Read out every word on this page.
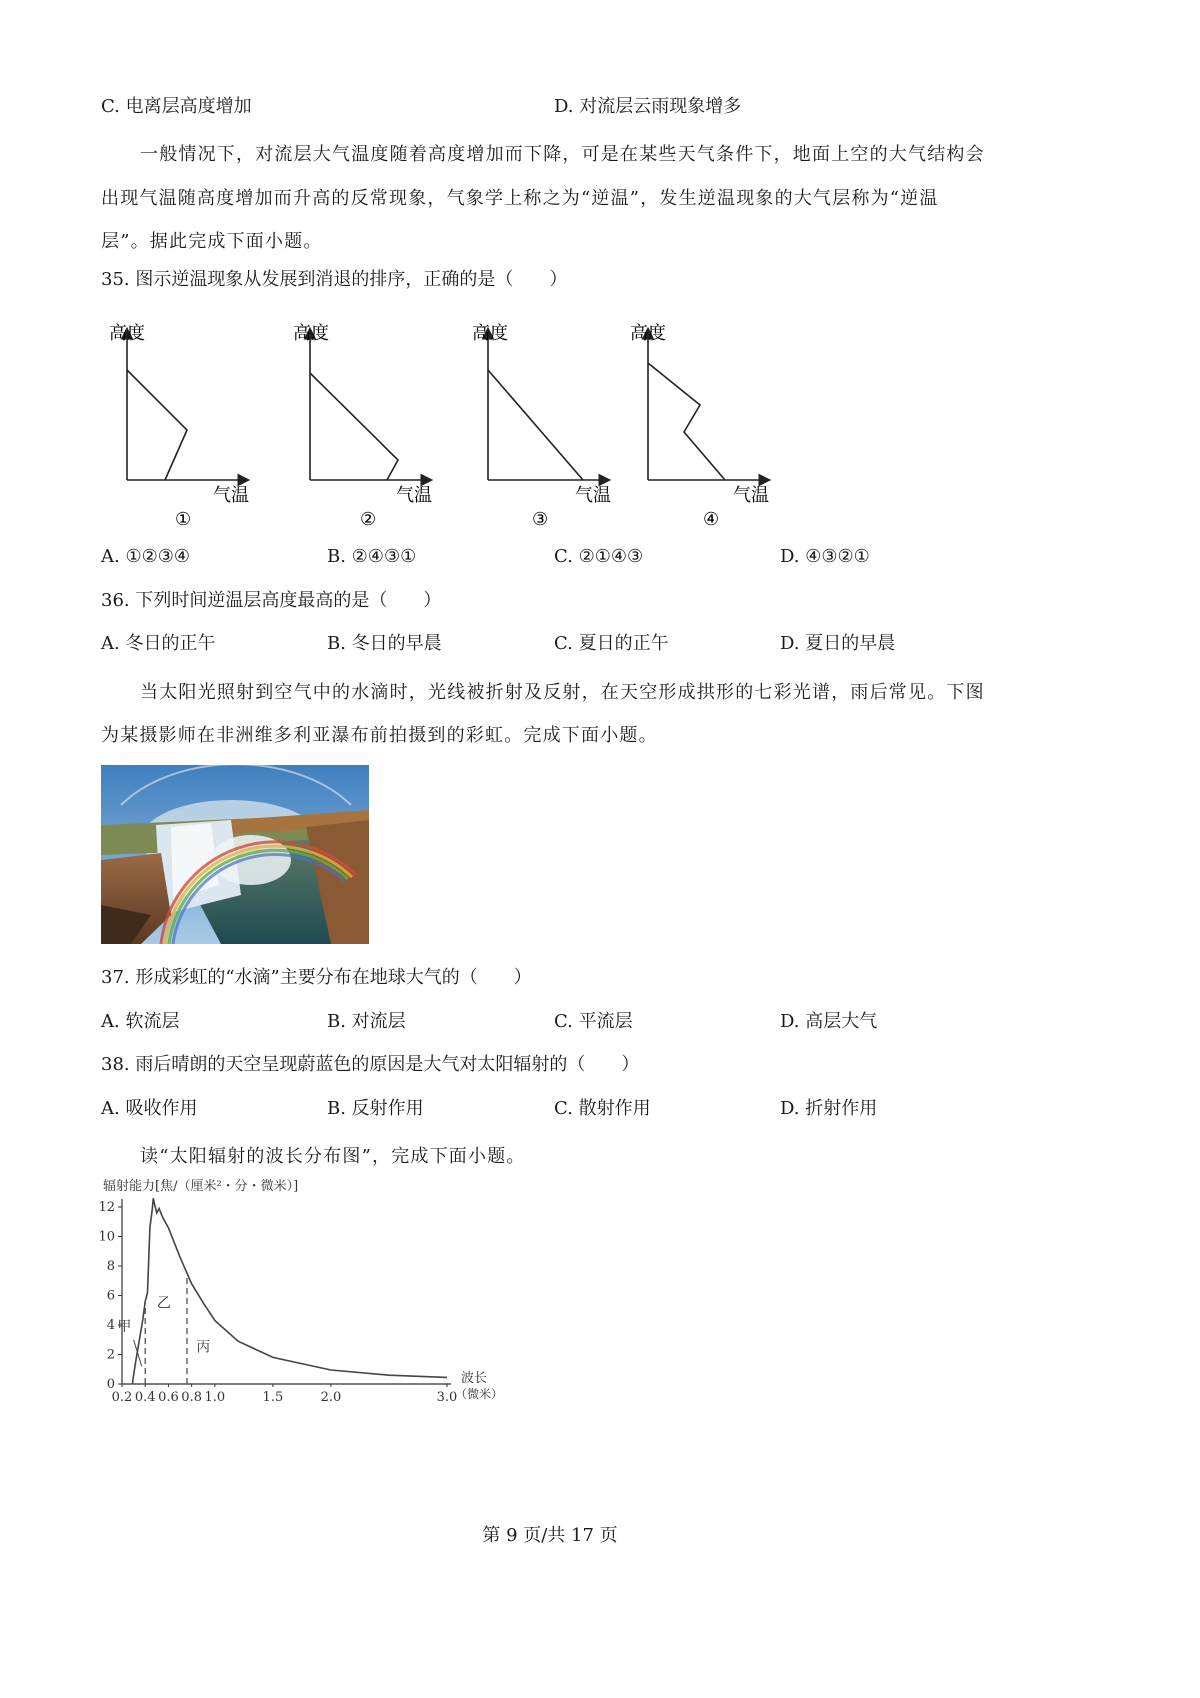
C. 电离层高度增加	D. 对流层云雨现象增多
一般情况下，对流层大气温度随着高度增加而下降，可是在某些天气条件下，地面上空的大气结构会
出现气温随高度增加而升高的反常现象，气象学上称之为“逆温”，发生逆温现象的大气层称为“逆温
层”。据此完成下面小题。
35. 图示逆温现象从发展到消退的排序，正确的是（　　）
高度
气温
①
高度
气温
②
高度
气温
③
高度
气温
④
A. ①②③④	B. ②④③①	C. ②①④③	D. ④③②①
36. 下列时间逆温层高度最高的是（　　）
A. 冬日的正午	B. 冬日的早晨	C. 夏日的正午	D. 夏日的早晨
当太阳光照射到空气中的水滴时，光线被折射及反射，在天空形成拱形的七彩光谱，雨后常见。下图
为某摄影师在非洲维多利亚瀑布前拍摄到的彩虹。完成下面小题。
37. 形成彩虹的“水滴”主要分布在地球大气的（　　）
A. 软流层	B. 对流层	C. 平流层	D. 高层大气
38. 雨后晴朗的天空呈现蔚蓝色的原因是大气对太阳辐射的（　　）
A. 吸收作用	B. 反射作用	C. 散射作用	D. 折射作用
读“太阳辐射的波长分布图”，完成下面小题。
辐射能力[焦/（厘米²・分・微米）]
0
2
4
6
8
10
12
0.2 0.4 0.6 0.8 1.0	1.5	2.0	3.0
甲
乙
丙
波长
（微米）
第 9 页/共 17 页
